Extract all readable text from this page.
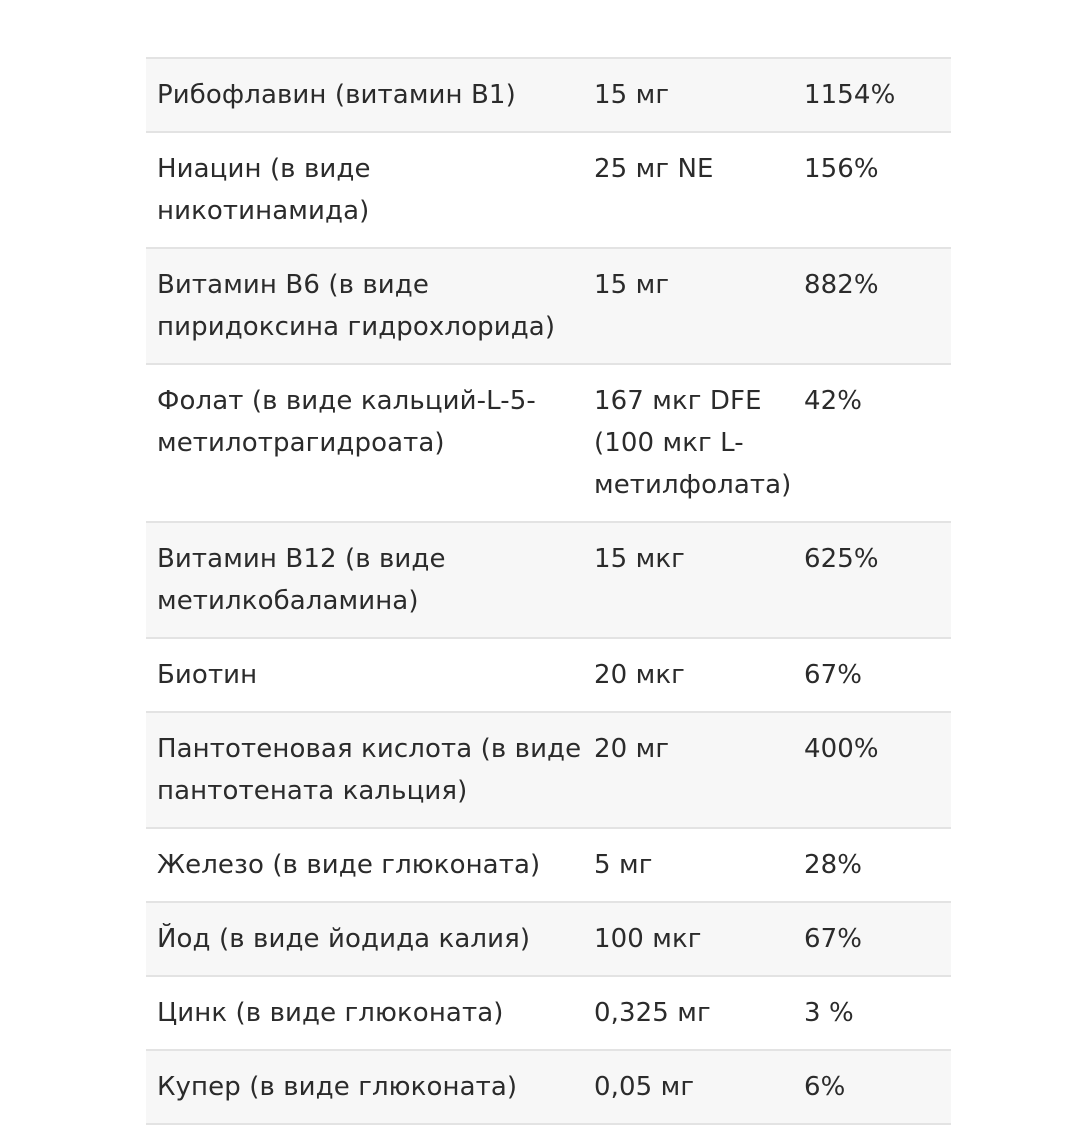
Рибофлавин (витамин B1)	15 мг	1154%
Ниацин (в виде никотинамида)	25 мг NE	156%
Витамин B6 (в виде пиридоксина гидрохлорида)	15 мг	882%
Фолат (в виде кальций-L-5-метилотрагидроата)	167 мкг DFE (100 мкг L-метилфолата)	42%
Витамин B12 (в виде метилкобаламина)	15 мкг	625%
Биотин	20 мкг	67%
Пантотеновая кислота (в виде пантотената кальция)	20 мг	400%
Железо (в виде глюконата)	5 мг	28%
Йод (в виде йодида калия)	100 мкг	67%
Цинк (в виде глюконата)	0,325 мг	3 %
Купер (в виде глюконата)	0,05 мг	6%
